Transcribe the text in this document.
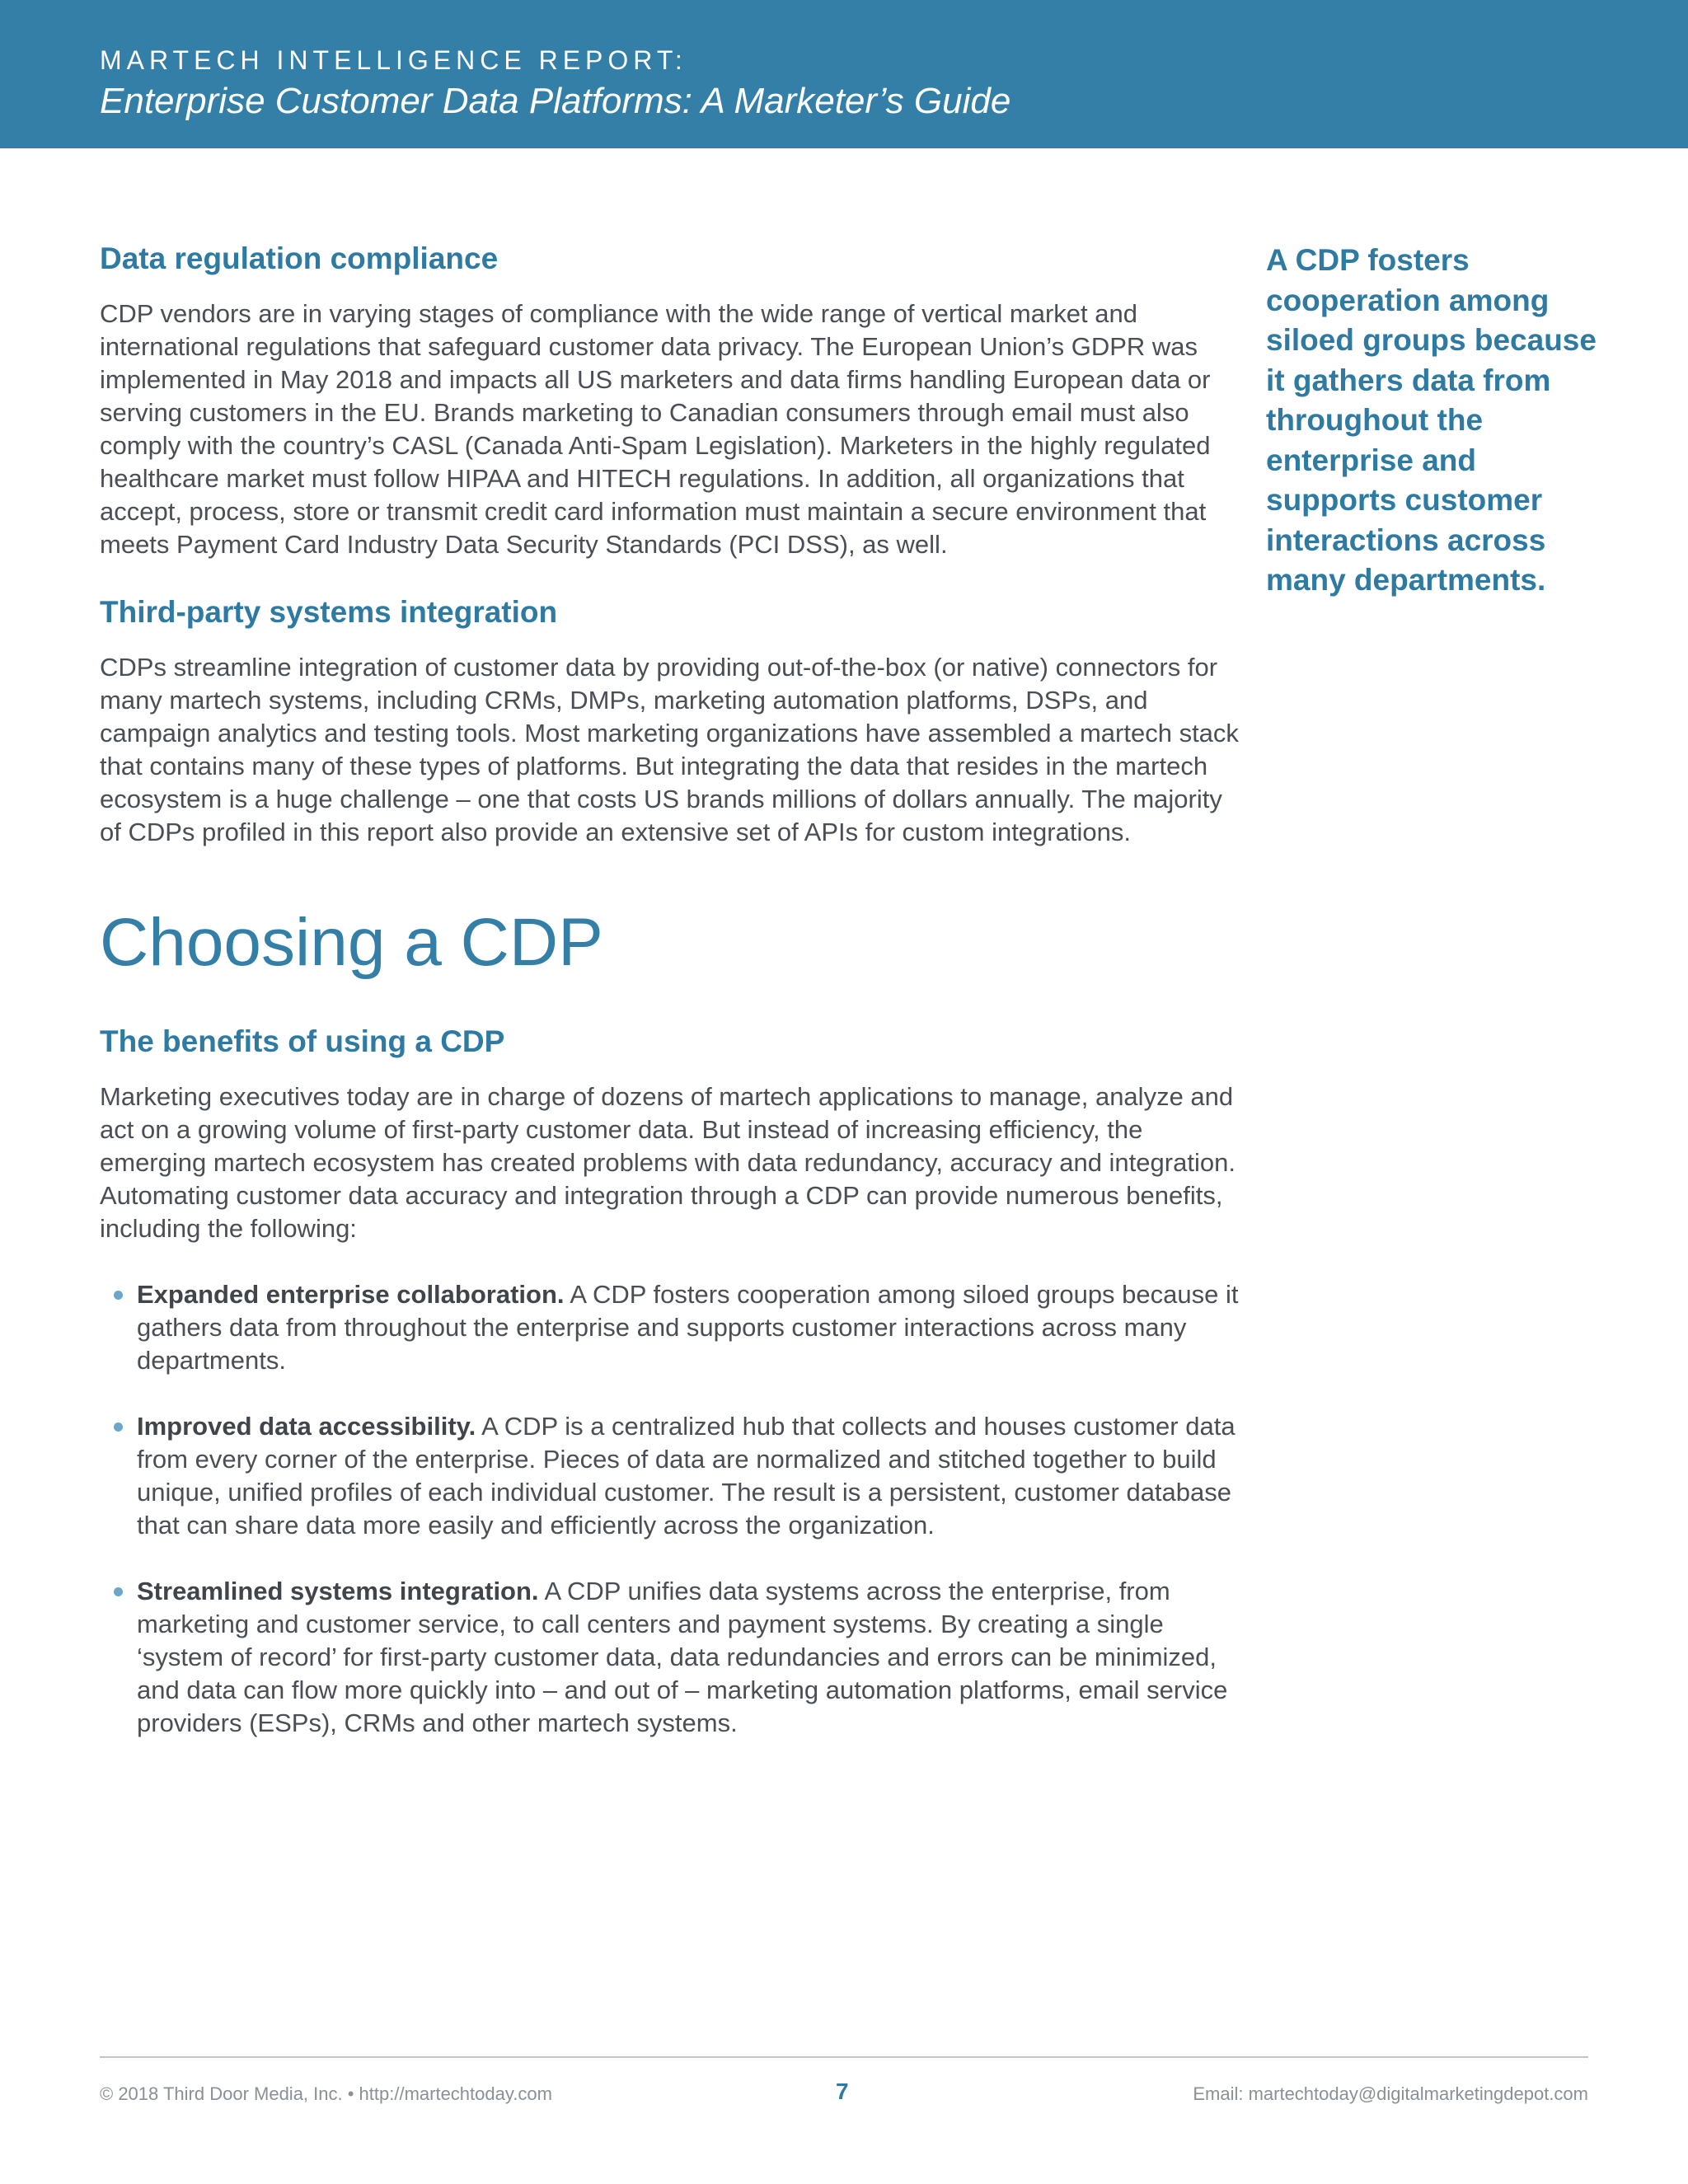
MARTECH INTELLIGENCE REPORT:
Enterprise Customer Data Platforms: A Marketer’s Guide
Data regulation compliance

CDP vendors are in varying stages of compliance with the wide range of vertical market and international regulations that safeguard customer data privacy. The European Union’s GDPR was implemented in May 2018 and impacts all US marketers and data firms handling European data or serving customers in the EU. Brands marketing to Canadian consumers through email must also comply with the country’s CASL (Canada Anti-Spam Legislation). Marketers in the highly regulated healthcare market must follow HIPAA and HITECH regulations. In addition, all organizations that accept, process, store or transmit credit card information must maintain a secure environment that meets Payment Card Industry Data Security Standards (PCI DSS), as well.

Third-party systems integration

CDPs streamline integration of customer data by providing out-of-the-box (or native) connectors for many martech systems, including CRMs, DMPs, marketing automation platforms, DSPs, and campaign analytics and testing tools. Most marketing organizations have assembled a martech stack that contains many of these types of platforms. But integrating the data that resides in the martech ecosystem is a huge challenge – one that costs US brands millions of dollars annually. The majority of CDPs profiled in this report also provide an extensive set of APIs for custom integrations.

Choosing a CDP
The benefits of using a CDP

Marketing executives today are in charge of dozens of martech applications to manage, analyze and act on a growing volume of first-party customer data. But instead of increasing efficiency, the emerging martech ecosystem has created problems with data redundancy, accuracy and integration. Automating customer data accuracy and integration through a CDP can provide numerous benefits, including the following:

Expanded enterprise collaboration. A CDP fosters cooperation among siloed groups because it gathers data from throughout the enterprise and supports customer interactions across many departments.
Improved data accessibility. A CDP is a centralized hub that collects and houses customer data from every corner of the enterprise. Pieces of data are normalized and stitched together to build unique, unified profiles of each individual customer. The result is a persistent, customer database that can share data more easily and efficiently across the organization.
Streamlined systems integration. A CDP unifies data systems across the enterprise, from marketing and customer service, to call centers and payment systems. By creating a single ‘system of record’ for first-party customer data, data redundancies and errors can be minimized, and data can flow more quickly into – and out of – marketing automation platforms, email service providers (ESPs), CRMs and other martech systems.
A CDP fosters cooperation among siloed groups because it gathers data from throughout the enterprise and supports customer interactions across many departments.
© 2018 Third Door Media, Inc. • http://martechtoday.com	7	Email: martechtoday@digitalmarketingdepot.com
